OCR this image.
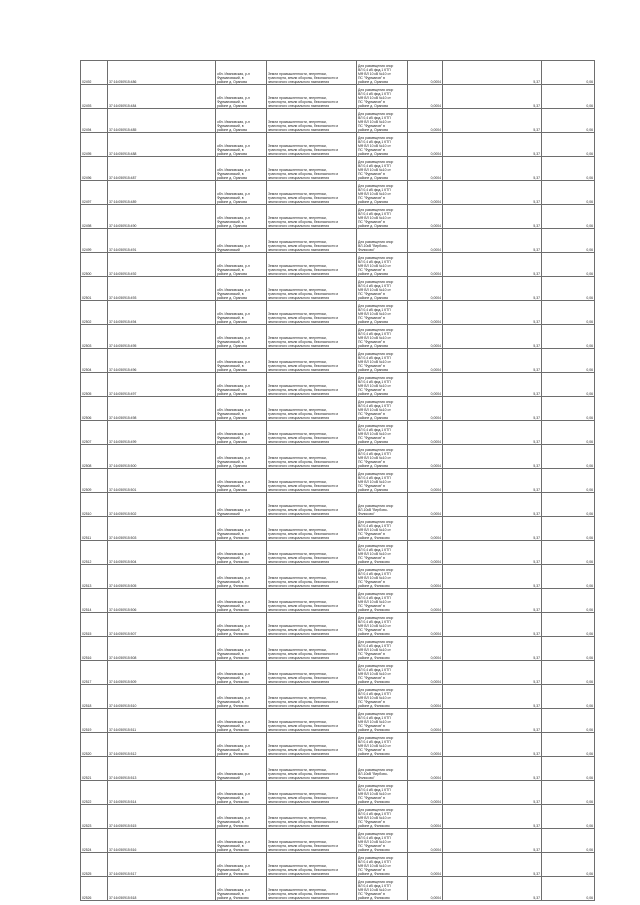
02492	37:16:050915:486	обл. Ивановская, р-н
Фурмановский, в
районе д. Оранова	Земли промышленности, энергетики,
транспорта, земли обороны, безопасности и
земли иного специального назначения	Для размещения опор
ВЛ 0,4 кВ фид.1 КТП
МФ ВЛ 10 кВ №10 от
ПС "Фурманов" в
районе д. Оранова	0,0004	5,37	0,06
02493	37:16:050915:484	обл. Ивановская, р-н
Фурмановский, в
районе д. Оранова	Земли промышленности, энергетики,
транспорта, земли обороны, безопасности и
земли иного специального назначения	Для размещения опор
ВЛ 0,4 кВ фид.1 КТП
МФ ВЛ 10 кВ №10 от
ПС "Фурманов" в
районе д. Оранова	0,0004	5,37	0,06
02494	37:16:050915:485	обл. Ивановская, р-н
Фурмановский, в
районе д. Оранова	Земли промышленности, энергетики,
транспорта, земли обороны, безопасности и
земли иного специального назначения	Для размещения опор
ВЛ 0,4 кВ фид.1 КТП
МФ ВЛ 10 кВ №10 от
ПС "Фурманов" в
районе д. Оранова	0,0004	5,37	0,06
02495	37:16:050915:488	обл. Ивановская, р-н
Фурмановский, в
районе д. Оранова	Земли промышленности, энергетики,
транспорта, земли обороны, безопасности и
земли иного специального назначения	Для размещения опор
ВЛ 0,4 кВ фид.1 КТП
МФ ВЛ 10 кВ №10 от
ПС "Фурманов" в
районе д. Оранова	0,0004	5,37	0,06
02496	37:16:050915:487	обл. Ивановская, р-н
Фурмановский, в
районе д. Оранова	Земли промышленности, энергетики,
транспорта, земли обороны, безопасности и
земли иного специального назначения	Для размещения опор
ВЛ 0,4 кВ фид.1 КТП
МФ ВЛ 10 кВ №10 от
ПС "Фурманов" в
районе д. Оранова	0,0004	5,37	0,06
02497	37:16:050915:489	обл. Ивановская, р-н
Фурмановский, в
районе д. Оранова	Земли промышленности, энергетики,
транспорта, земли обороны, безопасности и
земли иного специального назначения	Для размещения опор
ВЛ 0,4 кВ фид.1 КТП
МФ ВЛ 10 кВ №10 от
ПС "Фурманов" в
районе д. Оранова	0,0004	5,37	0,06
02498	37:16:050915:490	обл. Ивановская, р-н
Фурмановский, в
районе д. Оранова	Земли промышленности, энергетики,
транспорта, земли обороны, безопасности и
земли иного специального назначения	Для размещения опор
ВЛ 0,4 кВ фид.1 КТП
МФ ВЛ 10 кВ №10 от
ПС "Фурманов" в
районе д. Оранова	0,0004	5,37	0,06
02499	37:16:050915:491	обл. Ивановская, р-н
Фурмановский	Земли промышленности, энергетики,
транспорта, земли обороны, безопасности и
земли иного специального назначения	Для размещения опор
ВЛ-10кВ "Вербово-
Филисово"	0,0004	5,37	0,06
02500	37:16:050915:492	обл. Ивановская, р-н
Фурмановский, в
районе д. Оранова	Земли промышленности, энергетики,
транспорта, земли обороны, безопасности и
земли иного специального назначения	Для размещения опор
ВЛ 0,4 кВ фид.1 КТП
МФ ВЛ 10 кВ №10 от
ПС "Фурманов" в
районе д. Оранова	0,0004	5,37	0,06
02501	37:16:050915:493	обл. Ивановская, р-н
Фурмановский, в
районе д. Оранова	Земли промышленности, энергетики,
транспорта, земли обороны, безопасности и
земли иного специального назначения	Для размещения опор
ВЛ 0,4 кВ фид.1 КТП
МФ ВЛ 10 кВ №10 от
ПС "Фурманов" в
районе д. Оранова	0,0004	5,37	0,06
02502	37:16:050915:494	обл. Ивановская, р-н
Фурмановский, в
районе д. Оранова	Земли промышленности, энергетики,
транспорта, земли обороны, безопасности и
земли иного специального назначения	Для размещения опор
ВЛ 0,4 кВ фид.1 КТП
МФ ВЛ 10 кВ №10 от
ПС "Фурманов" в
районе д. Оранова	0,0004	5,37	0,06
02503	37:16:050915:495	обл. Ивановская, р-н
Фурмановский, в
районе д. Оранова	Земли промышленности, энергетики,
транспорта, земли обороны, безопасности и
земли иного специального назначения	Для размещения опор
ВЛ 0,4 кВ фид.1 КТП
МФ ВЛ 10 кВ №10 от
ПС "Фурманов" в
районе д. Оранова	0,0004	5,37	0,06
02504	37:16:050915:496	обл. Ивановская, р-н
Фурмановский, в
районе д. Оранова	Земли промышленности, энергетики,
транспорта, земли обороны, безопасности и
земли иного специального назначения	Для размещения опор
ВЛ 0,4 кВ фид.1 КТП
МФ ВЛ 10 кВ №10 от
ПС "Фурманов" в
районе д. Оранова	0,0004	5,37	0,06
02505	37:16:050915:497	обл. Ивановская, р-н
Фурмановский, в
районе д. Оранова	Земли промышленности, энергетики,
транспорта, земли обороны, безопасности и
земли иного специального назначения	Для размещения опор
ВЛ 0,4 кВ фид.1 КТП
МФ ВЛ 10 кВ №10 от
ПС "Фурманов" в
районе д. Оранова	0,0004	5,37	0,06
02506	37:16:050915:498	обл. Ивановская, р-н
Фурмановский, в
районе д. Оранова	Земли промышленности, энергетики,
транспорта, земли обороны, безопасности и
земли иного специального назначения	Для размещения опор
ВЛ 0,4 кВ фид.1 КТП
МФ ВЛ 10 кВ №10 от
ПС "Фурманов" в
районе д. Оранова	0,0004	5,37	0,06
02507	37:16:050915:499	обл. Ивановская, р-н
Фурмановский, в
районе д. Оранова	Земли промышленности, энергетики,
транспорта, земли обороны, безопасности и
земли иного специального назначения	Для размещения опор
ВЛ 0,4 кВ фид.1 КТП
МФ ВЛ 10 кВ №10 от
ПС "Фурманов" в
районе д. Оранова	0,0004	5,37	0,06
02508	37:16:050915:500	обл. Ивановская, р-н
Фурмановский, в
районе д. Оранова	Земли промышленности, энергетики,
транспорта, земли обороны, безопасности и
земли иного специального назначения	Для размещения опор
ВЛ 0,4 кВ фид.1 КТП
МФ ВЛ 10 кВ №10 от
ПС "Фурманов" в
районе д. Оранова	0,0004	5,37	0,06
02509	37:16:050915:501	обл. Ивановская, р-н
Фурмановский, в
районе д. Оранова	Земли промышленности, энергетики,
транспорта, земли обороны, безопасности и
земли иного специального назначения	Для размещения опор
ВЛ 0,4 кВ фид.1 КТП
МФ ВЛ 10 кВ №10 от
ПС "Фурманов" в
районе д. Оранова	0,0004	5,37	0,06
02510	37:16:050915:502	обл. Ивановская, р-н
Фурмановский	Земли промышленности, энергетики,
транспорта, земли обороны, безопасности и
земли иного специального назначения	Для размещения опор
ВЛ-10кВ "Вербово-
Филисово"	0,0004	5,37	0,06
02511	37:16:050915:503	обл. Ивановская, р-н
Фурмановский, в
районе д. Филисово	Земли промышленности, энергетики,
транспорта, земли обороны, безопасности и
земли иного специального назначения	Для размещения опор
ВЛ 0,4 кВ фид.1 КТП
МФ ВЛ 10 кВ №10 от
ПС "Фурманов" в
районе д. Филисово	0,0004	5,37	0,06
02512	37:16:050915:504	обл. Ивановская, р-н
Фурмановский, в
районе д. Филисово	Земли промышленности, энергетики,
транспорта, земли обороны, безопасности и
земли иного специального назначения	Для размещения опор
ВЛ 0,4 кВ фид.1 КТП
МФ ВЛ 10 кВ №10 от
ПС "Фурманов" в
районе д. Филисово	0,0004	5,37	0,06
02513	37:16:050915:505	обл. Ивановская, р-н
Фурмановский, в
районе д. Филисово	Земли промышленности, энергетики,
транспорта, земли обороны, безопасности и
земли иного специального назначения	Для размещения опор
ВЛ 0,4 кВ фид.1 КТП
МФ ВЛ 10 кВ №10 от
ПС "Фурманов" в
районе д. Филисово	0,0004	5,37	0,06
02514	37:16:050915:506	обл. Ивановская, р-н
Фурмановский, в
районе д. Филисово	Земли промышленности, энергетики,
транспорта, земли обороны, безопасности и
земли иного специального назначения	Для размещения опор
ВЛ 0,4 кВ фид.1 КТП
МФ ВЛ 10 кВ №10 от
ПС "Фурманов" в
районе д. Филисово	0,0004	5,37	0,06
02515	37:16:050915:507	обл. Ивановская, р-н
Фурмановский, в
районе д. Филисово	Земли промышленности, энергетики,
транспорта, земли обороны, безопасности и
земли иного специального назначения	Для размещения опор
ВЛ 0,4 кВ фид.1 КТП
МФ ВЛ 10 кВ №10 от
ПС "Фурманов" в
районе д. Филисово	0,0004	5,37	0,06
02516	37:16:050915:508	обл. Ивановская, р-н
Фурмановский, в
районе д. Филисово	Земли промышленности, энергетики,
транспорта, земли обороны, безопасности и
земли иного специального назначения	Для размещения опор
ВЛ 0,4 кВ фид.1 КТП
МФ ВЛ 10 кВ №10 от
ПС "Фурманов" в
районе д. Филисово	0,0004	5,37	0,06
02517	37:16:050915:509	обл. Ивановская, р-н
Фурмановский, в
районе д. Филисово	Земли промышленности, энергетики,
транспорта, земли обороны, безопасности и
земли иного специального назначения	Для размещения опор
ВЛ 0,4 кВ фид.1 КТП
МФ ВЛ 10 кВ №10 от
ПС "Фурманов" в
районе д. Филисово	0,0004	5,37	0,06
02518	37:16:050915:510	обл. Ивановская, р-н
Фурмановский, в
районе д. Филисово	Земли промышленности, энергетики,
транспорта, земли обороны, безопасности и
земли иного специального назначения	Для размещения опор
ВЛ 0,4 кВ фид.1 КТП
МФ ВЛ 10 кВ №10 от
ПС "Фурманов" в
районе д. Филисово	0,0004	5,37	0,06
02519	37:16:050915:511	обл. Ивановская, р-н
Фурмановский, в
районе д. Филисово	Земли промышленности, энергетики,
транспорта, земли обороны, безопасности и
земли иного специального назначения	Для размещения опор
ВЛ 0,4 кВ фид.1 КТП
МФ ВЛ 10 кВ №10 от
ПС "Фурманов" в
районе д. Филисово	0,0004	5,37	0,06
02520	37:16:050915:512	обл. Ивановская, р-н
Фурмановский, в
районе д. Филисово	Земли промышленности, энергетики,
транспорта, земли обороны, безопасности и
земли иного специального назначения	Для размещения опор
ВЛ 0,4 кВ фид.1 КТП
МФ ВЛ 10 кВ №10 от
ПС "Фурманов" в
районе д. Филисово	0,0004	5,37	0,06
02521	37:16:050915:513	обл. Ивановская, р-н
Фурмановский	Земли промышленности, энергетики,
транспорта, земли обороны, безопасности и
земли иного специального назначения	Для размещения опор
ВЛ-10кВ "Вербово-
Филисово"	0,0004	5,37	0,06
02522	37:16:050915:514	обл. Ивановская, р-н
Фурмановский, в
районе д. Филисово	Земли промышленности, энергетики,
транспорта, земли обороны, безопасности и
земли иного специального назначения	Для размещения опор
ВЛ 0,4 кВ фид.1 КТП
МФ ВЛ 10 кВ №10 от
ПС "Фурманов" в
районе д. Филисово	0,0004	5,37	0,06
02523	37:16:050915:515	обл. Ивановская, р-н
Фурмановский, в
районе д. Филисово	Земли промышленности, энергетики,
транспорта, земли обороны, безопасности и
земли иного специального назначения	Для размещения опор
ВЛ 0,4 кВ фид.1 КТП
МФ ВЛ 10 кВ №10 от
ПС "Фурманов" в
районе д. Филисово	0,0004	5,37	0,06
02524	37:16:050915:516	обл. Ивановская, р-н
Фурмановский, в
районе д. Филисово	Земли промышленности, энергетики,
транспорта, земли обороны, безопасности и
земли иного специального назначения	Для размещения опор
ВЛ 0,4 кВ фид.1 КТП
МФ ВЛ 10 кВ №10 от
ПС "Фурманов" в
районе д. Филисово	0,0004	5,37	0,06
02525	37:16:050915:517	обл. Ивановская, р-н
Фурмановский, в
районе д. Филисово	Земли промышленности, энергетики,
транспорта, земли обороны, безопасности и
земли иного специального назначения	Для размещения опор
ВЛ 0,4 кВ фид.1 КТП
МФ ВЛ 10 кВ №10 от
ПС "Фурманов" в
районе д. Филисово	0,0004	5,37	0,06
02526	37:16:050915:518	обл. Ивановская, р-н
Фурмановский, в
районе д. Филисово	Земли промышленности, энергетики,
транспорта, земли обороны, безопасности и
земли иного специального назначения	Для размещения опор
ВЛ 0,4 кВ фид.1 КТП
МФ ВЛ 10 кВ №10 от
ПС "Фурманов" в
районе д. Филисово	0,0004	5,37	0,06
